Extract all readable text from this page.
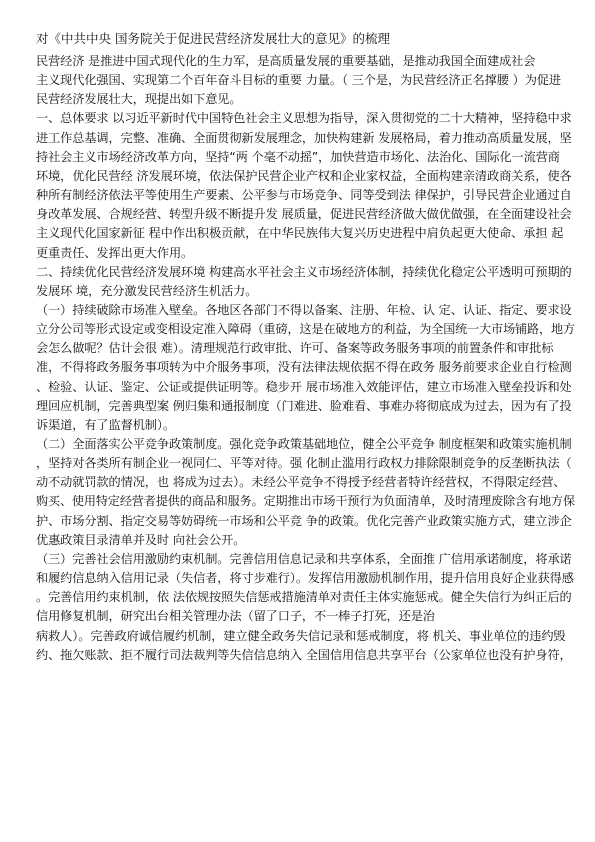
对《中共中央 国务院关于促进民营经济发展壮大的意见》的梳理
民营经济 是推进中国式现代化的生力军，是高质量发展的重要基础，是推动我国全面建成社会
主义现代化强国、实现第二个百年奋斗目标的重要 力量。（ 三个是，为民营经济正名撑腰 ）为促进
民营经济发展壮大，现提出如下意见。
一、总体要求 以习近平新时代中国特色社会主义思想为指导，深入贯彻党的二十大精神，坚持稳中求
进工作总基调，完整、准确、全面贯彻新发展理念，加快构建新 发展格局，着力推动高质量发展，坚
持社会主义市场经济改革方向，坚持“两 个毫不动摇”，加快营造市场化、法治化、国际化一流营商
环境，优化民营经 济发展环境，依法保护民营企业产权和企业家权益，全面构建亲清政商关系，使各
种所有制经济依法平等使用生产要素、公平参与市场竞争、同等受到法 律保护，引导民营企业通过自
身改革发展、合规经营、转型升级不断提升发 展质量，促进民营经济做大做优做强，在全面建设社会
主义现代化国家新征 程中作出积极贡献，在中华民族伟大复兴历史进程中肩负起更大使命、承担 起
更重责任、发挥出更大作用。
二、持续优化民营经济发展环境 构建高水平社会主义市场经济体制，持续优化稳定公平透明可预期的
发展环 境，充分激发民营经济生机活力。
（一）持续破除市场准入壁垒。各地区各部门不得以备案、注册、年检、认 定、认证、指定、要求设
立分公司等形式设定或变相设定准入障碍（重磅，这是在破地方的利益，为全国统一大市场铺路，地方
会怎么做呢？估计会很 难）。清理规范行政审批、许可、备案等政务服务事项的前置条件和审批标
准，不得将政务服务事项转为中介服务事项，没有法律法规依据不得在政务 服务前要求企业自行检测
、检验、认证、鉴定、公证或提供证明等。稳步开 展市场准入效能评估，建立市场准入壁垒投诉和处
理回应机制，完善典型案 例归集和通报制度（门难进、脸难看、事难办将彻底成为过去，因为有了投
诉渠道，有了监督机制）。
（二）全面落实公平竞争政策制度。强化竞争政策基础地位，健全公平竞争 制度框架和政策实施机制
，坚持对各类所有制企业一视同仁、平等对待。强 化制止滥用行政权力排除限制竞争的反垄断执法（
动不动就罚款的情况，也 将成为过去）。未经公平竞争不得授予经营者特许经营权，不得限定经营、
购买、使用特定经营者提供的商品和服务。定期推出市场干预行为负面清单，及时清理废除含有地方保
护、市场分割、指定交易等妨碍统一市场和公平竞 争的政策。优化完善产业政策实施方式，建立涉企
优惠政策目录清单并及时 向社会公开。
（三）完善社会信用激励约束机制。完善信用信息记录和共享体系，全面推 广信用承诺制度，将承诺
和履约信息纳入信用记录（失信者，将寸步难行）。发挥信用激励机制作用，提升信用良好企业获得感
。完善信用约束机制，依 法依规按照失信惩戒措施清单对责任主体实施惩戒。健全失信行为纠正后的
信用修复机制，研究出台相关管理办法（留了口子，不一棒子打死，还是治
病救人）。完善政府诚信履约机制，建立健全政务失信记录和惩戒制度，将 机关、事业单位的违约毁
约、拖欠账款、拒不履行司法裁判等失信信息纳入 全国信用信息共享平台（公家单位也没有护身符，
